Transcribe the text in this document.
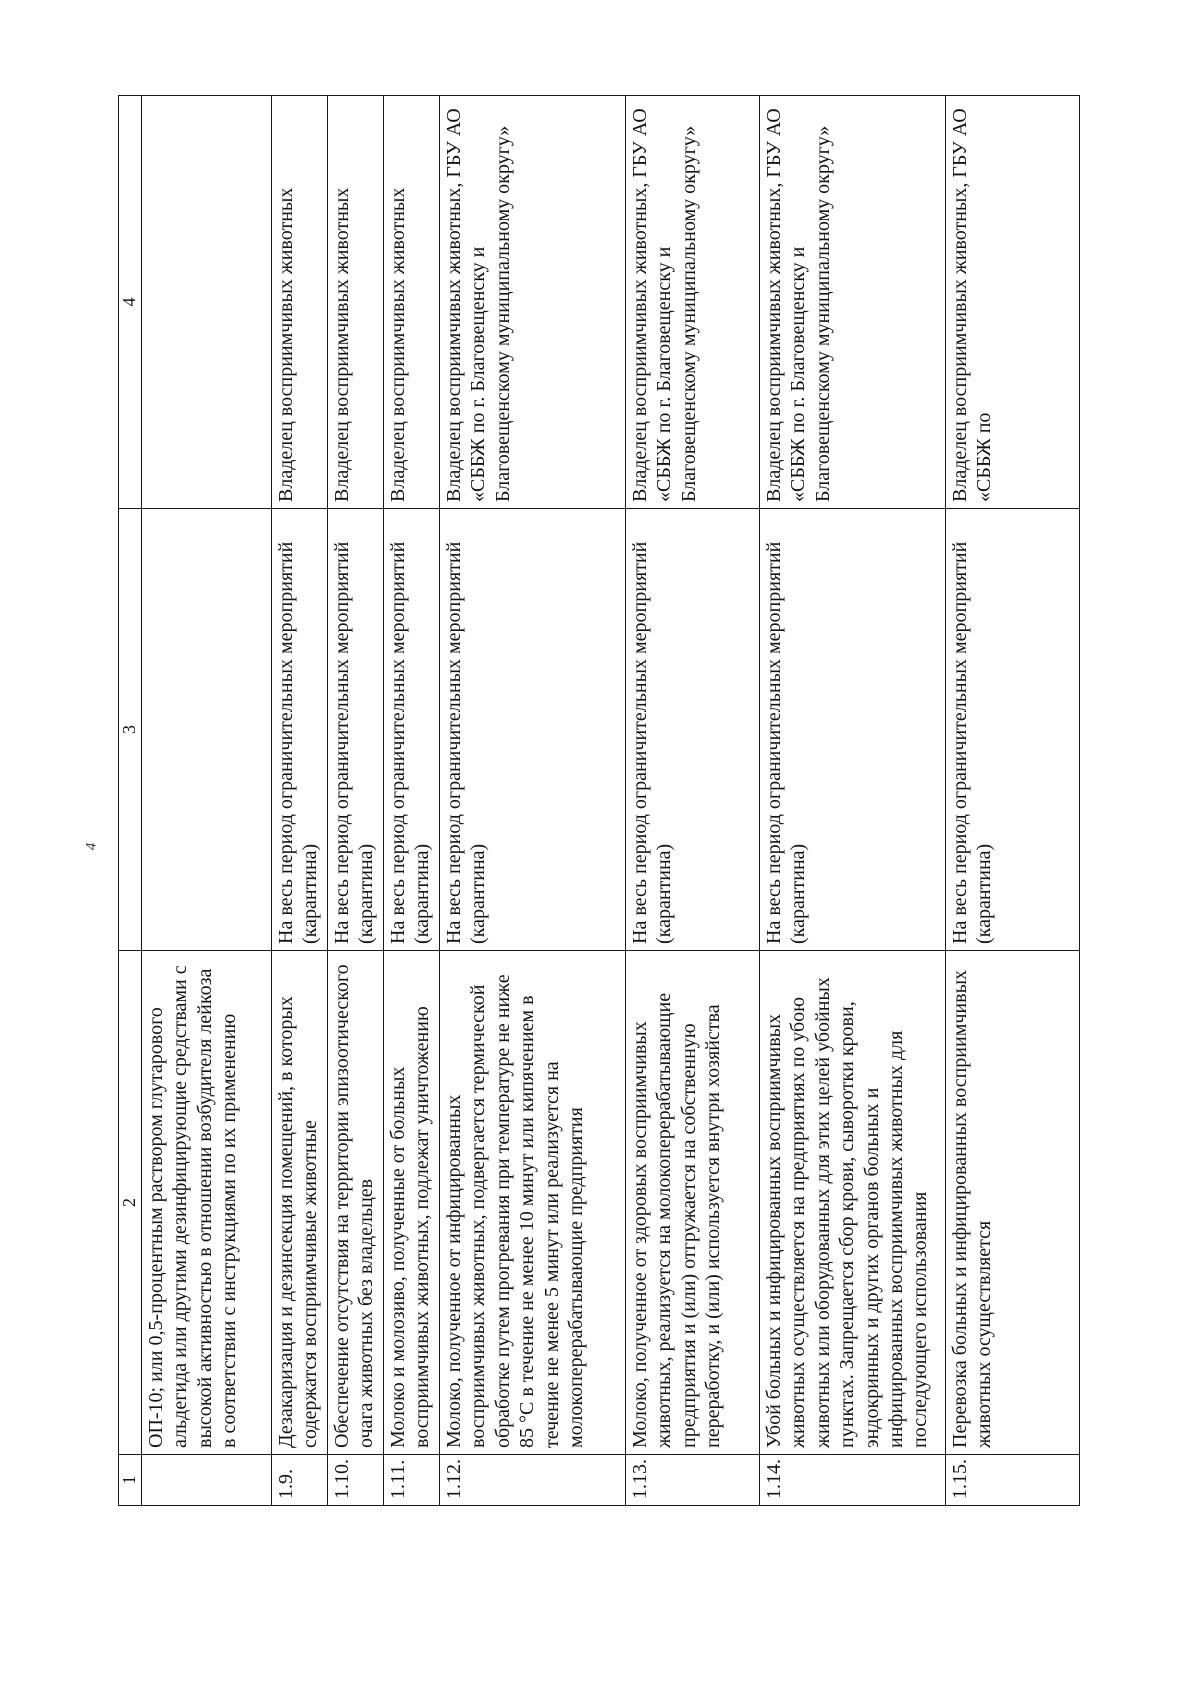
4
1	2	3	4
	ОП-10; или 0,5-процентным раствором глутарового альдегида или другими дезинфицирующие средствами с высокой активностью в отношении возбудителя лейкоза в соответствии с инструкциями по их применению		
1.9.	Дезакаризация и дезинсекция помещений, в которых содержатся восприимчивые животные	На весь период ограничительных мероприятий (карантина)	Владелец восприимчивых животных
1.10.	Обеспечение отсутствия на территории эпизоотического очага животных без владельцев	На весь период ограничительных мероприятий (карантина)	Владелец восприимчивых животных
1.11.	Молоко и молозиво, полученные от больных восприимчивых животных, подлежат уничтожению	На весь период ограничительных мероприятий (карантина)	Владелец восприимчивых животных
1.12.	Молоко, полученное от инфицированных восприимчивых животных, подвергается термической обработке путем прогревания при температуре не ниже 85 °С в течение не менее 10 минут или кипячением в течение не менее 5 минут или реализуется на молокоперерабатывающие предприятия	На весь период ограничительных мероприятий (карантина)	Владелец восприимчивых животных, ГБУ АО «СББЖ по г. Благовещенску и Благовещенскому муниципальному округу»
1.13.	Молоко, полученное от здоровых восприимчивых животных, реализуется на молокоперерабатывающие предприятия и (или) отгружается на собственную переработку, и (или) используется внутри хозяйства	На весь период ограничительных мероприятий (карантина)	Владелец восприимчивых животных, ГБУ АО «СББЖ по г. Благовещенску и Благовещенскому муниципальному округу»
1.14.	Убой больных и инфицированных восприимчивых животных осуществляется на предприятиях по убою животных или оборудованных для этих целей убойных пунктах. Запрещается сбор крови, сыворотки крови, эндокринных и других органов больных и инфицированных восприимчивых животных для последующего использования	На весь период ограничительных мероприятий (карантина)	Владелец восприимчивых животных, ГБУ АО «СББЖ по г. Благовещенску и Благовещенскому муниципальному округу»
1.15.	Перевозка больных и инфицированных восприимчивых животных осуществляется	На весь период ограничительных мероприятий (карантина)	Владелец восприимчивых животных, ГБУ АО «СББЖ по
